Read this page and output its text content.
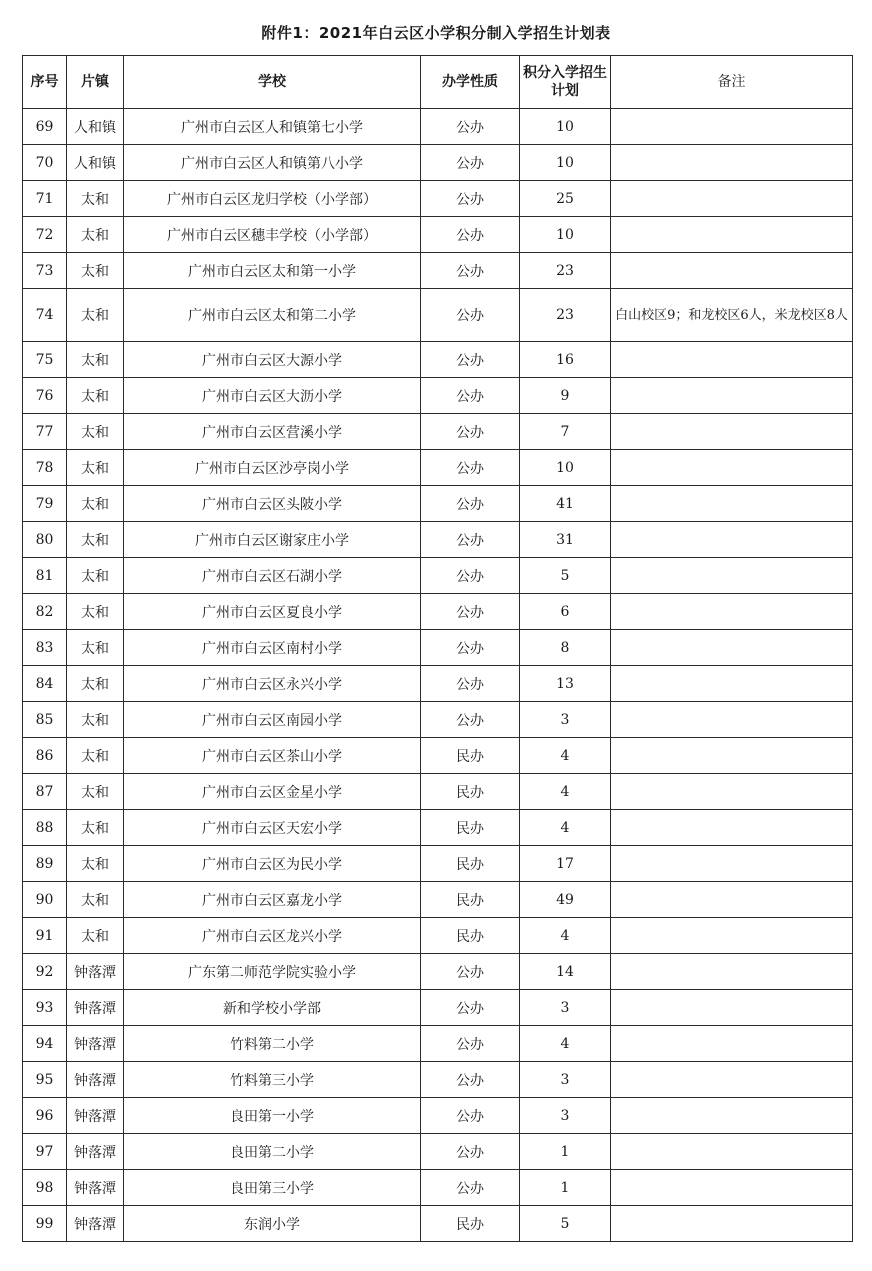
附件1：2021年白云区小学积分制入学招生计划表
序号	片镇	学校	办学性质	积分入学招生计划	备注
69	人和镇	广州市白云区人和镇第七小学	公办	10	
70	人和镇	广州市白云区人和镇第八小学	公办	10	
71	太和	广州市白云区龙归学校（小学部）	公办	25	
72	太和	广州市白云区穗丰学校（小学部）	公办	10	
73	太和	广州市白云区太和第一小学	公办	23	
74	太和	广州市白云区太和第二小学	公办	23	白山校区9；和龙校区6人，米龙校区8人
75	太和	广州市白云区大源小学	公办	16	
76	太和	广州市白云区大沥小学	公办	9	
77	太和	广州市白云区营溪小学	公办	7	
78	太和	广州市白云区沙亭岗小学	公办	10	
79	太和	广州市白云区头陂小学	公办	41	
80	太和	广州市白云区谢家庄小学	公办	31	
81	太和	广州市白云区石湖小学	公办	5	
82	太和	广州市白云区夏良小学	公办	6	
83	太和	广州市白云区南村小学	公办	8	
84	太和	广州市白云区永兴小学	公办	13	
85	太和	广州市白云区南园小学	公办	3	
86	太和	广州市白云区茶山小学	民办	4	
87	太和	广州市白云区金星小学	民办	4	
88	太和	广州市白云区天宏小学	民办	4	
89	太和	广州市白云区为民小学	民办	17	
90	太和	广州市白云区嘉龙小学	民办	49	
91	太和	广州市白云区龙兴小学	民办	4	
92	钟落潭	广东第二师范学院实验小学	公办	14	
93	钟落潭	新和学校小学部	公办	3	
94	钟落潭	竹料第二小学	公办	4	
95	钟落潭	竹料第三小学	公办	3	
96	钟落潭	良田第一小学	公办	3	
97	钟落潭	良田第二小学	公办	1	
98	钟落潭	良田第三小学	公办	1	
99	钟落潭	东润小学	民办	5	
